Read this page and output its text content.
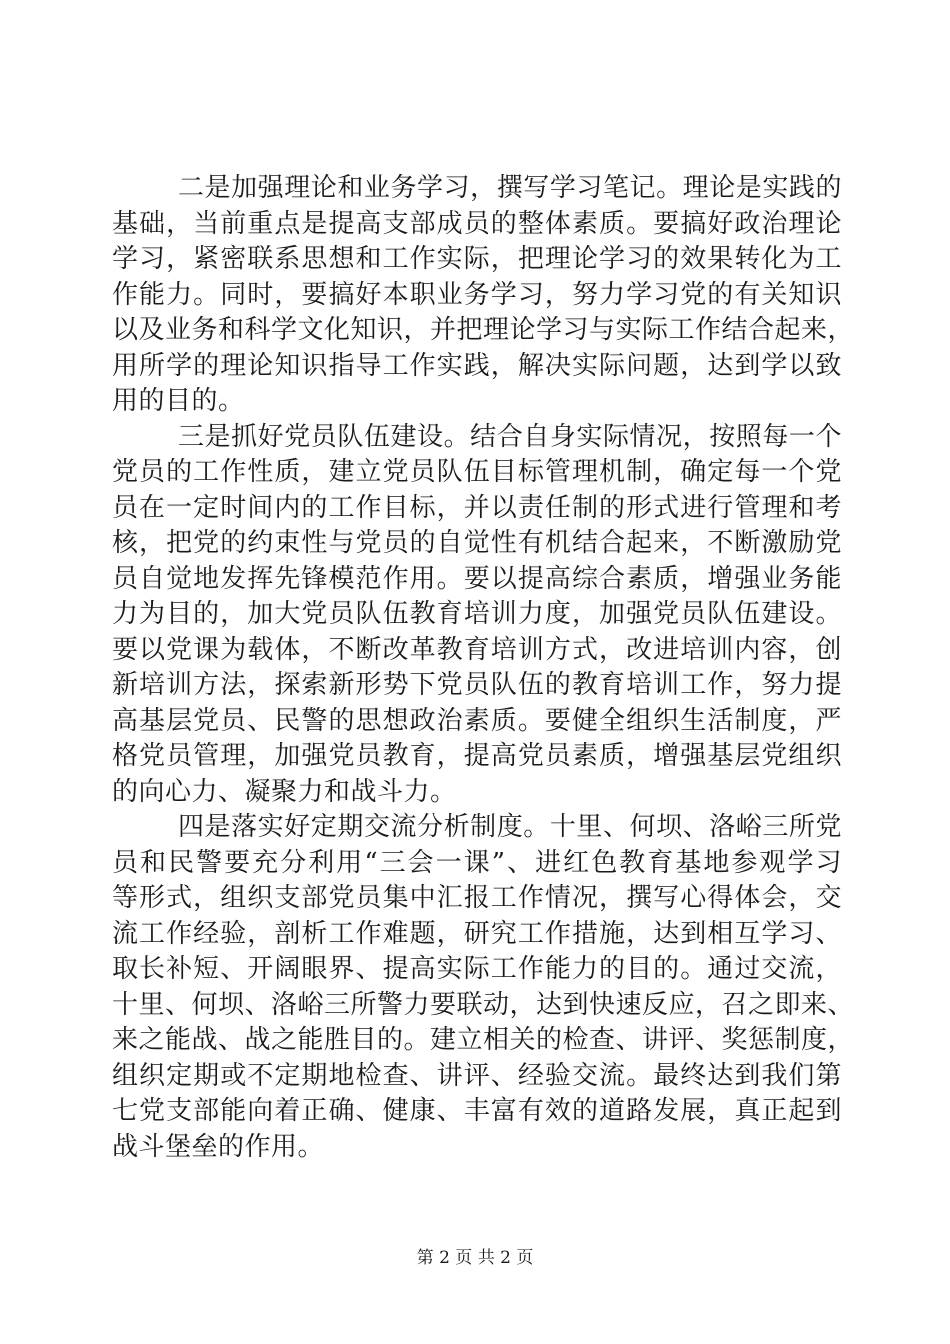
二是加强理论和业务学习，撰写学习笔记。理论是实践的
基础，当前重点是提高支部成员的整体素质。要搞好政治理论
学习，紧密联系思想和工作实际，把理论学习的效果转化为工
作能力。同时，要搞好本职业务学习，努力学习党的有关知识
以及业务和科学文化知识，并把理论学习与实际工作结合起来，
用所学的理论知识指导工作实践，解决实际问题，达到学以致
用的目的。
三是抓好党员队伍建设。结合自身实际情况，按照每一个
党员的工作性质，建立党员队伍目标管理机制，确定每一个党
员在一定时间内的工作目标，并以责任制的形式进行管理和考
核，把党的约束性与党员的自觉性有机结合起来，不断激励党
员自觉地发挥先锋模范作用。要以提高综合素质，增强业务能
力为目的，加大党员队伍教育培训力度，加强党员队伍建设。
要以党课为载体，不断改革教育培训方式，改进培训内容，创
新培训方法，探索新形势下党员队伍的教育培训工作，努力提
高基层党员、民警的思想政治素质。要健全组织生活制度，严
格党员管理，加强党员教育，提高党员素质，增强基层党组织
的向心力、凝聚力和战斗力。
四是落实好定期交流分析制度。十里、何坝、洛峪三所党
员和民警要充分利用“三会一课”、进红色教育基地参观学习
等形式，组织支部党员集中汇报工作情况，撰写心得体会，交
流工作经验，剖析工作难题，研究工作措施，达到相互学习、
取长补短、开阔眼界、提高实际工作能力的目的。通过交流，
十里、何坝、洛峪三所警力要联动，达到快速反应，召之即来、
来之能战、战之能胜目的。建立相关的检查、讲评、奖惩制度，
组织定期或不定期地检查、讲评、经验交流。最终达到我们第
七党支部能向着正确、健康、丰富有效的道路发展，真正起到
战斗堡垒的作用。
第 2 页 共 2 页
